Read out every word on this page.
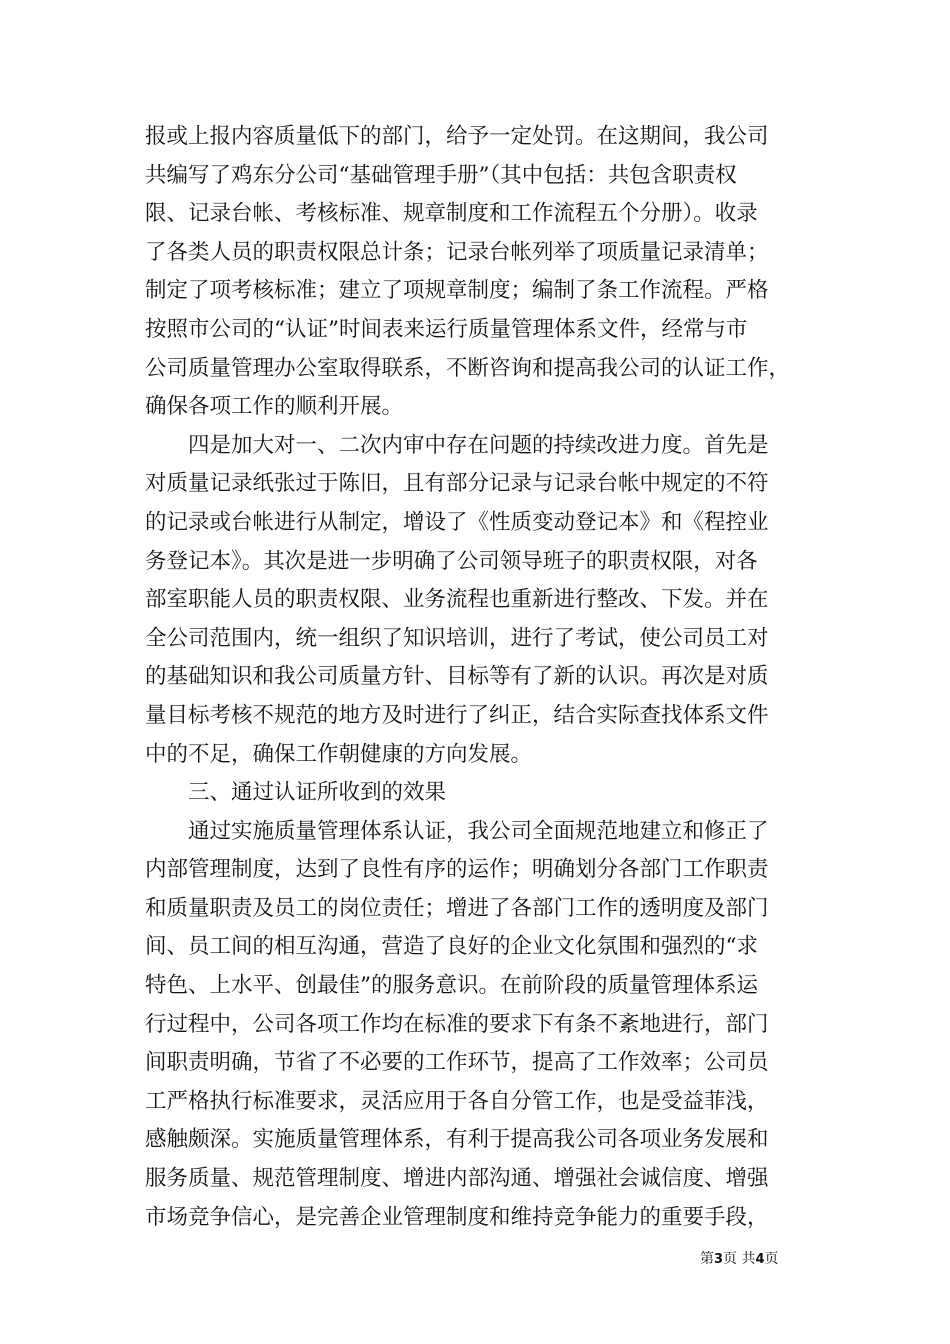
报或上报内容质量低下的部门，给予一定处罚。在这期间，我公司

共编写了鸡东分公司“基础管理手册”（其中包括：共包含职责权

限、记录台帐、考核标准、规章制度和工作流程五个分册）。收录

了各类人员的职责权限总计条；记录台帐列举了项质量记录清单；

制定了项考核标准；建立了项规章制度；编制了条工作流程。严格

按照市公司的“认证”时间表来运行质量管理体系文件，经常与市

公司质量管理办公室取得联系，不断咨询和提高我公司的认证工作，

确保各项工作的顺利开展。

四是加大对一、二次内审中存在问题的持续改进力度。首先是

对质量记录纸张过于陈旧，且有部分记录与记录台帐中规定的不符

的记录或台帐进行从制定，增设了《性质变动登记本》和《程控业

务登记本》。其次是进一步明确了公司领导班子的职责权限，对各

部室职能人员的职责权限、业务流程也重新进行整改、下发。并在

全公司范围内，统一组织了知识培训，进行了考试，使公司员工对

的基础知识和我公司质量方针、目标等有了新的认识。再次是对质

量目标考核不规范的地方及时进行了纠正，结合实际查找体系文件

中的不足，确保工作朝健康的方向发展。

三、通过认证所收到的效果

通过实施质量管理体系认证，我公司全面规范地建立和修正了

内部管理制度，达到了良性有序的运作；明确划分各部门工作职责

和质量职责及员工的岗位责任；增进了各部门工作的透明度及部门

间、员工间的相互沟通，营造了良好的企业文化氛围和强烈的“求

特色、上水平、创最佳”的服务意识。在前阶段的质量管理体系运

行过程中，公司各项工作均在标准的要求下有条不紊地进行，部门

间职责明确，节省了不必要的工作环节，提高了工作效率；公司员

工严格执行标准要求，灵活应用于各自分管工作，也是受益菲浅，

感触颇深。实施质量管理体系，有利于提高我公司各项业务发展和

服务质量、规范管理制度、增进内部沟通、增强社会诚信度、增强

市场竞争信心，是完善企业管理制度和维持竞争能力的重要手段，

第3页 共4页
